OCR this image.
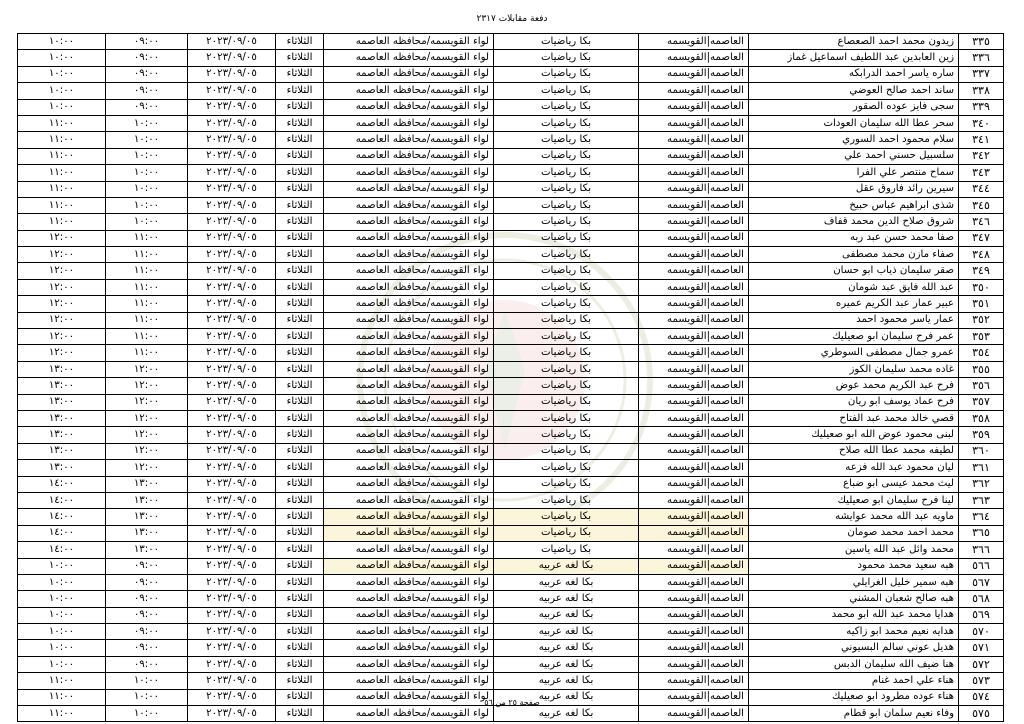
دفعة مقابلات ٢٣١٧
٣٣٥	زيدون محمد احمد الصعصاع	العاصمه|القويسمه	بكا رياضيات	لواء القويسمه/محافظه العاصمه	الثلاثاء	٢٠٢٣/٠٩/٠٥	٠٩:٠٠	١٠:٠٠
٣٣٦	زين العابدين عبد اللطيف اسماعيل غماز	العاصمه|القويسمه	بكا رياضيات	لواء القويسمه/محافظه العاصمه	الثلاثاء	٢٠٢٣/٠٩/٠٥	٠٩:٠٠	١٠:٠٠
٣٣٧	ساره ياسر احمد الدرابكه	العاصمه|القويسمه	بكا رياضيات	لواء القويسمه/محافظه العاصمه	الثلاثاء	٢٠٢٣/٠٩/٠٥	٠٩:٠٠	١٠:٠٠
٣٣٨	ساند احمد صالح العوضي	العاصمه|القويسمه	بكا رياضيات	لواء القويسمه/محافظه العاصمه	الثلاثاء	٢٠٢٣/٠٩/٠٥	٠٩:٠٠	١٠:٠٠
٣٣٩	سجى فايز عوده الصقور	العاصمه|القويسمه	بكا رياضيات	لواء القويسمه/محافظه العاصمه	الثلاثاء	٢٠٢٣/٠٩/٠٥	٠٩:٠٠	١٠:٠٠
٣٤٠	سحر عطا الله سليمان العودات	العاصمه|القويسمه	بكا رياضيات	لواء القويسمه/محافظه العاصمه	الثلاثاء	٢٠٢٣/٠٩/٠٥	١٠:٠٠	١١:٠٠
٣٤١	سلام محمود احمد السوري	العاصمه|القويسمه	بكا رياضيات	لواء القويسمه/محافظه العاصمه	الثلاثاء	٢٠٢٣/٠٩/٠٥	١٠:٠٠	١١:٠٠
٣٤٢	سلسبيل حسني احمد علي	العاصمه|القويسمه	بكا رياضيات	لواء القويسمه/محافظه العاصمه	الثلاثاء	٢٠٢٣/٠٩/٠٥	١٠:٠٠	١١:٠٠
٣٤٣	سماح منتصر علي الفرا	العاصمه|القويسمه	بكا رياضيات	لواء القويسمه/محافظه العاصمه	الثلاثاء	٢٠٢٣/٠٩/٠٥	١٠:٠٠	١١:٠٠
٣٤٤	سيرين رائد فاروق عقل	العاصمه|القويسمه	بكا رياضيات	لواء القويسمه/محافظه العاصمه	الثلاثاء	٢٠٢٣/٠٩/٠٥	١٠:٠٠	١١:٠٠
٣٤٥	شذى ابراهيم عباس حبيخ	العاصمه|القويسمه	بكا رياضيات	لواء القويسمه/محافظه العاصمه	الثلاثاء	٢٠٢٣/٠٩/٠٥	١٠:٠٠	١١:٠٠
٣٤٦	شروق صلاح الدين محمد قفاف	العاصمه|القويسمه	بكا رياضيات	لواء القويسمه/محافظه العاصمه	الثلاثاء	٢٠٢٣/٠٩/٠٥	١٠:٠٠	١١:٠٠
٣٤٧	صفا محمد حسن عبد ربه	العاصمه|القويسمه	بكا رياضيات	لواء القويسمه/محافظه العاصمه	الثلاثاء	٢٠٢٣/٠٩/٠٥	١١:٠٠	١٢:٠٠
٣٤٨	صفاء مازن محمد مصطفى	العاصمه|القويسمه	بكا رياضيات	لواء القويسمه/محافظه العاصمه	الثلاثاء	٢٠٢٣/٠٩/٠٥	١١:٠٠	١٢:٠٠
٣٤٩	صقر سليمان ذياب ابو حسان	العاصمه|القويسمه	بكا رياضيات	لواء القويسمه/محافظه العاصمه	الثلاثاء	٢٠٢٣/٠٩/٠٥	١١:٠٠	١٢:٠٠
٣٥٠	عبد الله فايق عبد شومان	العاصمه|القويسمه	بكا رياضيات	لواء القويسمه/محافظه العاصمه	الثلاثاء	٢٠٢٣/٠٩/٠٥	١١:٠٠	١٢:٠٠
٣٥١	عبير عمار عبد الكريم عميره	العاصمه|القويسمه	بكا رياضيات	لواء القويسمه/محافظه العاصمه	الثلاثاء	٢٠٢٣/٠٩/٠٥	١١:٠٠	١٢:٠٠
٣٥٢	عمار ياسر محمود احمد	العاصمه|القويسمه	بكا رياضيات	لواء القويسمه/محافظه العاصمه	الثلاثاء	٢٠٢٣/٠٩/٠٥	١١:٠٠	١٢:٠٠
٣٥٣	عمر فرح سليمان ابو صعيليك	العاصمه|القويسمه	بكا رياضيات	لواء القويسمه/محافظه العاصمه	الثلاثاء	٢٠٢٣/٠٩/٠٥	١١:٠٠	١٢:٠٠
٣٥٤	عمرو جمال مصطفى السوطري	العاصمه|القويسمه	بكا رياضيات	لواء القويسمه/محافظه العاصمه	الثلاثاء	٢٠٢٣/٠٩/٠٥	١١:٠٠	١٢:٠٠
٣٥٥	غاده محمد سليمان الكوز	العاصمه|القويسمه	بكا رياضيات	لواء القويسمه/محافظه العاصمه	الثلاثاء	٢٠٢٣/٠٩/٠٥	١٢:٠٠	١٣:٠٠
٣٥٦	فرح عبد الكريم محمد عوض	العاصمه|القويسمه	بكا رياضيات	لواء القويسمه/محافظه العاصمه	الثلاثاء	٢٠٢٣/٠٩/٠٥	١٢:٠٠	١٣:٠٠
٣٥٧	فرح عماد يوسف ابو ريان	العاصمه|القويسمه	بكا رياضيات	لواء القويسمه/محافظه العاصمه	الثلاثاء	٢٠٢٣/٠٩/٠٥	١٢:٠٠	١٣:٠٠
٣٥٨	قصي خالد محمد عبد الفتاح	العاصمه|القويسمه	بكا رياضيات	لواء القويسمه/محافظه العاصمه	الثلاثاء	٢٠٢٣/٠٩/٠٥	١٢:٠٠	١٣:٠٠
٣٥٩	لبنى محمود عوض الله ابو صعيليك	العاصمه|القويسمه	بكا رياضيات	لواء القويسمه/محافظه العاصمه	الثلاثاء	٢٠٢٣/٠٩/٠٥	١٢:٠٠	١٣:٠٠
٣٦٠	لطيفه محمد عطا الله صلاح	العاصمه|القويسمه	بكا رياضيات	لواء القويسمه/محافظه العاصمه	الثلاثاء	٢٠٢٣/٠٩/٠٥	١٢:٠٠	١٣:٠٠
٣٦١	ليان محمود عبد الله فزعه	العاصمه|القويسمه	بكا رياضيات	لواء القويسمه/محافظه العاصمه	الثلاثاء	٢٠٢٣/٠٩/٠٥	١٢:٠٠	١٣:٠٠
٣٦٢	ليث محمد عيسى ابو ضباع	العاصمه|القويسمه	بكا رياضيات	لواء القويسمه/محافظه العاصمه	الثلاثاء	٢٠٢٣/٠٩/٠٥	١٣:٠٠	١٤:٠٠
٣٦٣	لينا فرح سليمان ابو صعيليك	العاصمه|القويسمه	بكا رياضيات	لواء القويسمه/محافظه العاصمه	الثلاثاء	٢٠٢٣/٠٩/٠٥	١٣:٠٠	١٤:٠٠
٣٦٤	ماويه عبد الله محمد عوايشه	العاصمه|القويسمه	بكا رياضيات	لواء القويسمه/محافظه العاصمه	الثلاثاء	٢٠٢٣/٠٩/٠٥	١٣:٠٠	١٤:٠٠
٣٦٥	محمد احمد محمد صومان	العاصمه|القويسمه	بكا رياضيات	لواء القويسمه/محافظه العاصمه	الثلاثاء	٢٠٢٣/٠٩/٠٥	١٣:٠٠	١٤:٠٠
٣٦٦	محمد وائل عبد الله ياسين	العاصمه|القويسمه	بكا رياضيات	لواء القويسمه/محافظه العاصمه	الثلاثاء	٢٠٢٣/٠٩/٠٥	١٣:٠٠	١٤:٠٠
٥٦٦	هبه سعيد محمد محمود	العاصمه|القويسمه	بكا لغه عربيه	لواء القويسمه/محافظه العاصمه	الثلاثاء	٢٠٢٣/٠٩/٠٥	٠٩:٠٠	١٠:٠٠
٥٦٧	هبه سمير خليل الغرايلي	العاصمه|القويسمه	بكا لغه عربيه	لواء القويسمه/محافظه العاصمه	الثلاثاء	٢٠٢٣/٠٩/٠٥	٠٩:٠٠	١٠:٠٠
٥٦٨	هبه صالح شعبان المشني	العاصمه|القويسمه	بكا لغه عربيه	لواء القويسمه/محافظه العاصمه	الثلاثاء	٢٠٢٣/٠٩/٠٥	٠٩:٠٠	١٠:٠٠
٥٦٩	هدايا محمد عبد الله ابو محمد	العاصمه|القويسمه	بكا لغه عربيه	لواء القويسمه/محافظه العاصمه	الثلاثاء	٢٠٢٣/٠٩/٠٥	٠٩:٠٠	١٠:٠٠
٥٧٠	هدايه نعيم محمد ابو زاكيه	العاصمه|القويسمه	بكا لغه عربيه	لواء القويسمه/محافظه العاصمه	الثلاثاء	٢٠٢٣/٠٩/٠٥	٠٩:٠٠	١٠:٠٠
٥٧١	هديل عوني سالم البسيوني	العاصمه|القويسمه	بكا لغه عربيه	لواء القويسمه/محافظه العاصمه	الثلاثاء	٢٠٢٣/٠٩/٠٥	٠٩:٠٠	١٠:٠٠
٥٧٢	هنا ضيف الله سليمان الدبس	العاصمه|القويسمه	بكا لغه عربيه	لواء القويسمه/محافظه العاصمه	الثلاثاء	٢٠٢٣/٠٩/٠٥	٠٩:٠٠	١٠:٠٠
٥٧٣	هناء علي احمد غنام	العاصمه|القويسمه	بكا لغه عربيه	لواء القويسمه/محافظه العاصمه	الثلاثاء	٢٠٢٣/٠٩/٠٥	١٠:٠٠	١١:٠٠
٥٧٤	هناء عوده مطرود ابو صعيليك	العاصمه|القويسمه	بكا لغه عربيه	لواء القويسمه/محافظه العاصمه	الثلاثاء	٢٠٢٣/٠٩/٠٥	١٠:٠٠	١١:٠٠
٥٧٥	وفاء نعيم سلمان ابو قطام	العاصمه|القويسمه	بكا لغه عربيه	لواء القويسمه/محافظه العاصمه	الثلاثاء	٢٠٢٣/٠٩/٠٥	١٠:٠٠	١١:٠٠
صفحة ٢٥ من ٥٦
